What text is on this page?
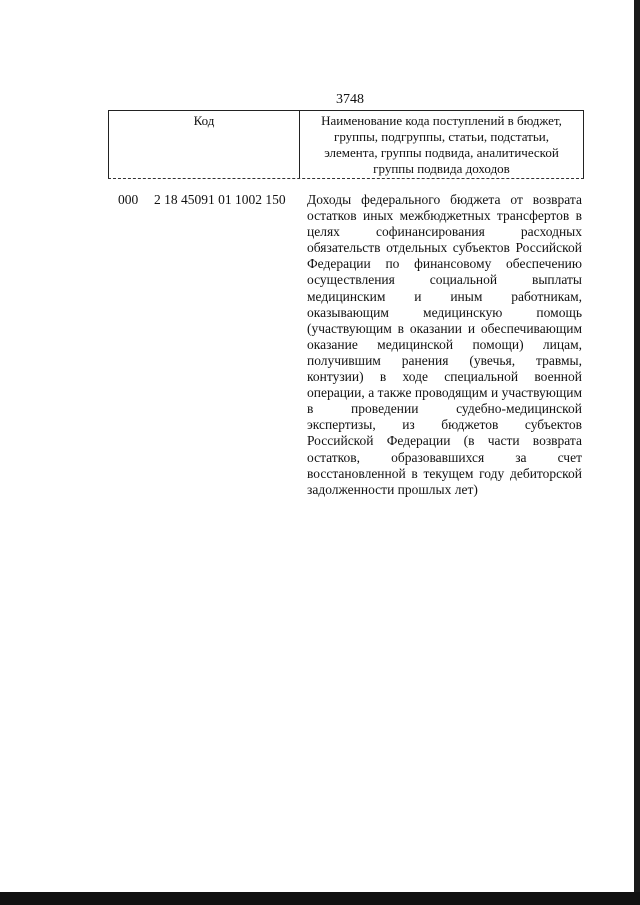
3748
Код	Наименование кода поступлений в бюджет, группы, подгруппы, статьи, подстатьи, элемента, группы подвида, аналитической группы подвида доходов
000 2 18 45091 01 1002 150 Доходы федерального бюджета от возврата остатков иных межбюджетных трансфертов в целях софинансирования расходных обязательств отдельных субъектов Российской Федерации по финансовому обеспечению осуществления социальной выплаты медицинским и иным работникам, оказывающим медицинскую помощь (участвующим в оказании и обеспечивающим оказание медицинской помощи) лицам, получившим ранения (увечья, травмы, контузии) в ходе специальной военной операции, а также проводящим и участвующим в проведении судебно-медицинской экспертизы, из бюджетов субъектов Российской Федерации (в части возврата остатков, образовавшихся за счет восстановленной в текущем году дебиторской задолженности прошлых лет)
